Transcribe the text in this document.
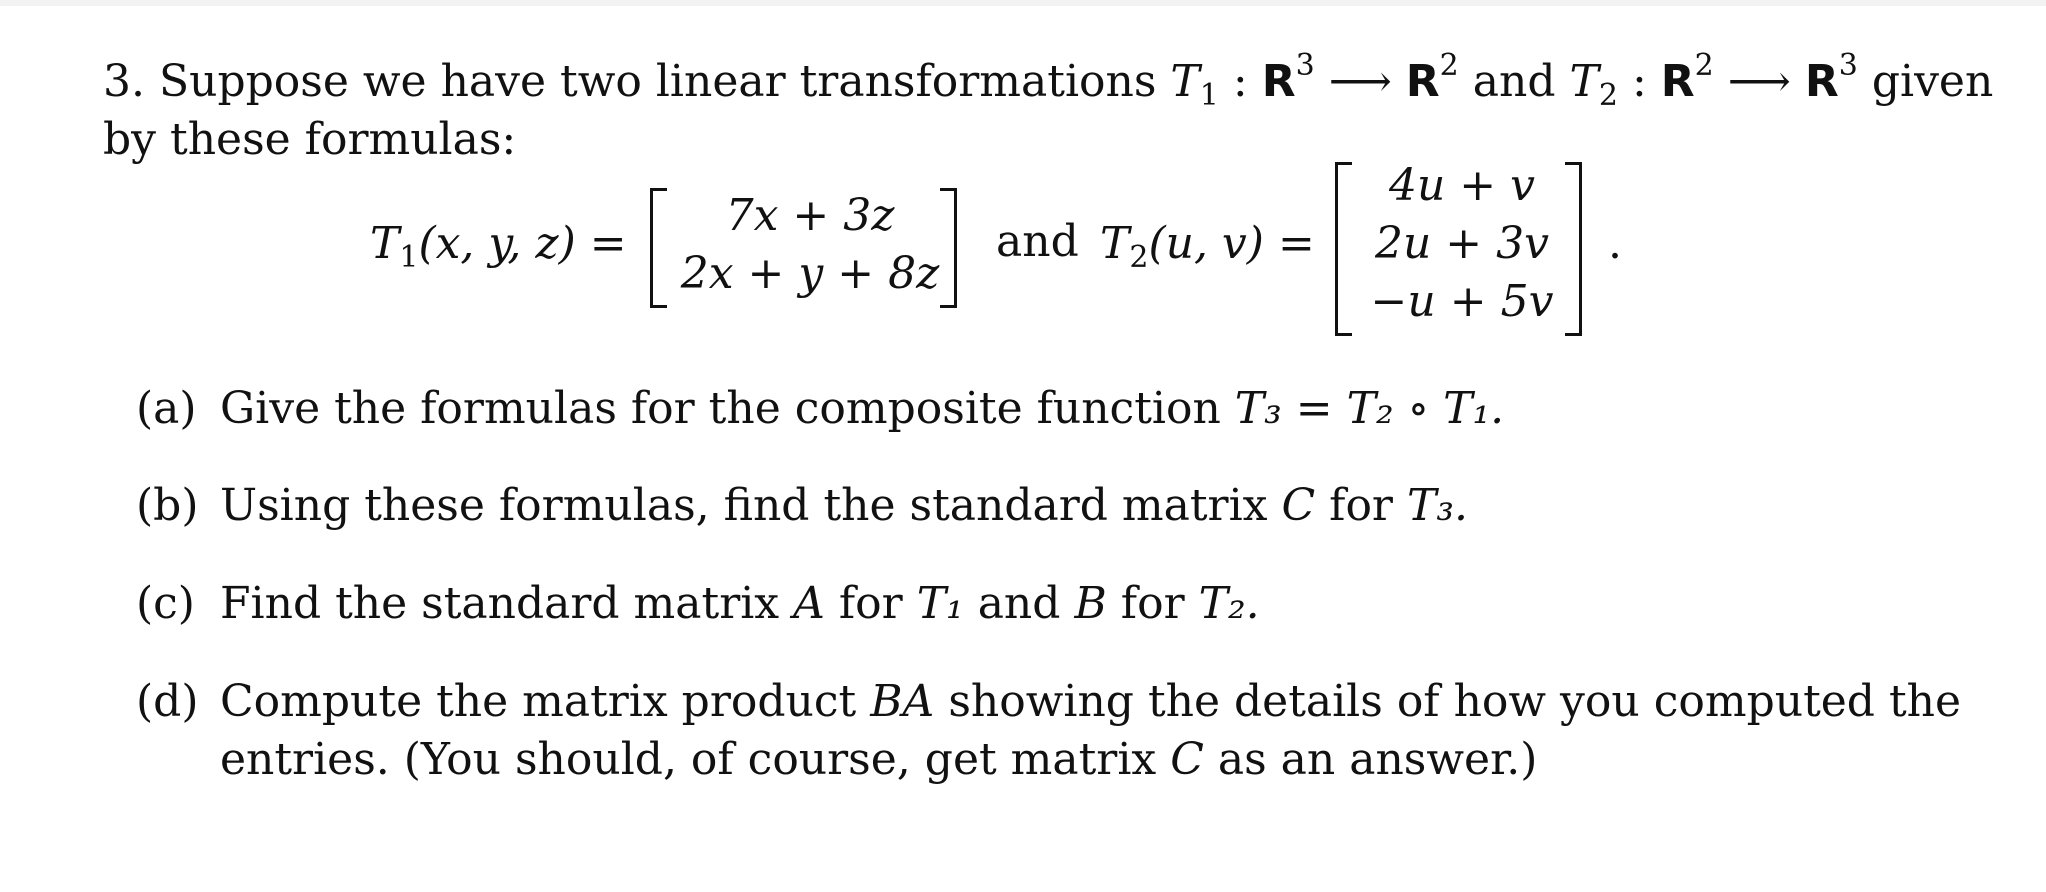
3. Suppose we have two linear transformations $T_1$ : $R^3$ ⟶ $R^2$ and $T_2$ : $R^2$ ⟶ $R^3$ given
by these formulas:
$T_1(x$, y, z) =
7x + 3z
2x + y + 8z
and $T_2(u$, v) =
4u + v
2u + 3v
−u + 5v
.
(a) Give the formulas for the composite function T₃ = T₂ ∘ T₁.
(b) Using these formulas, find the standard matrix C for T₃.
(c) Find the standard matrix A for T₁ and B for T₂.
(d) Compute the matrix product BA showing the details of how you computed the
entries. (You should, of course, get matrix C as an answer.)
